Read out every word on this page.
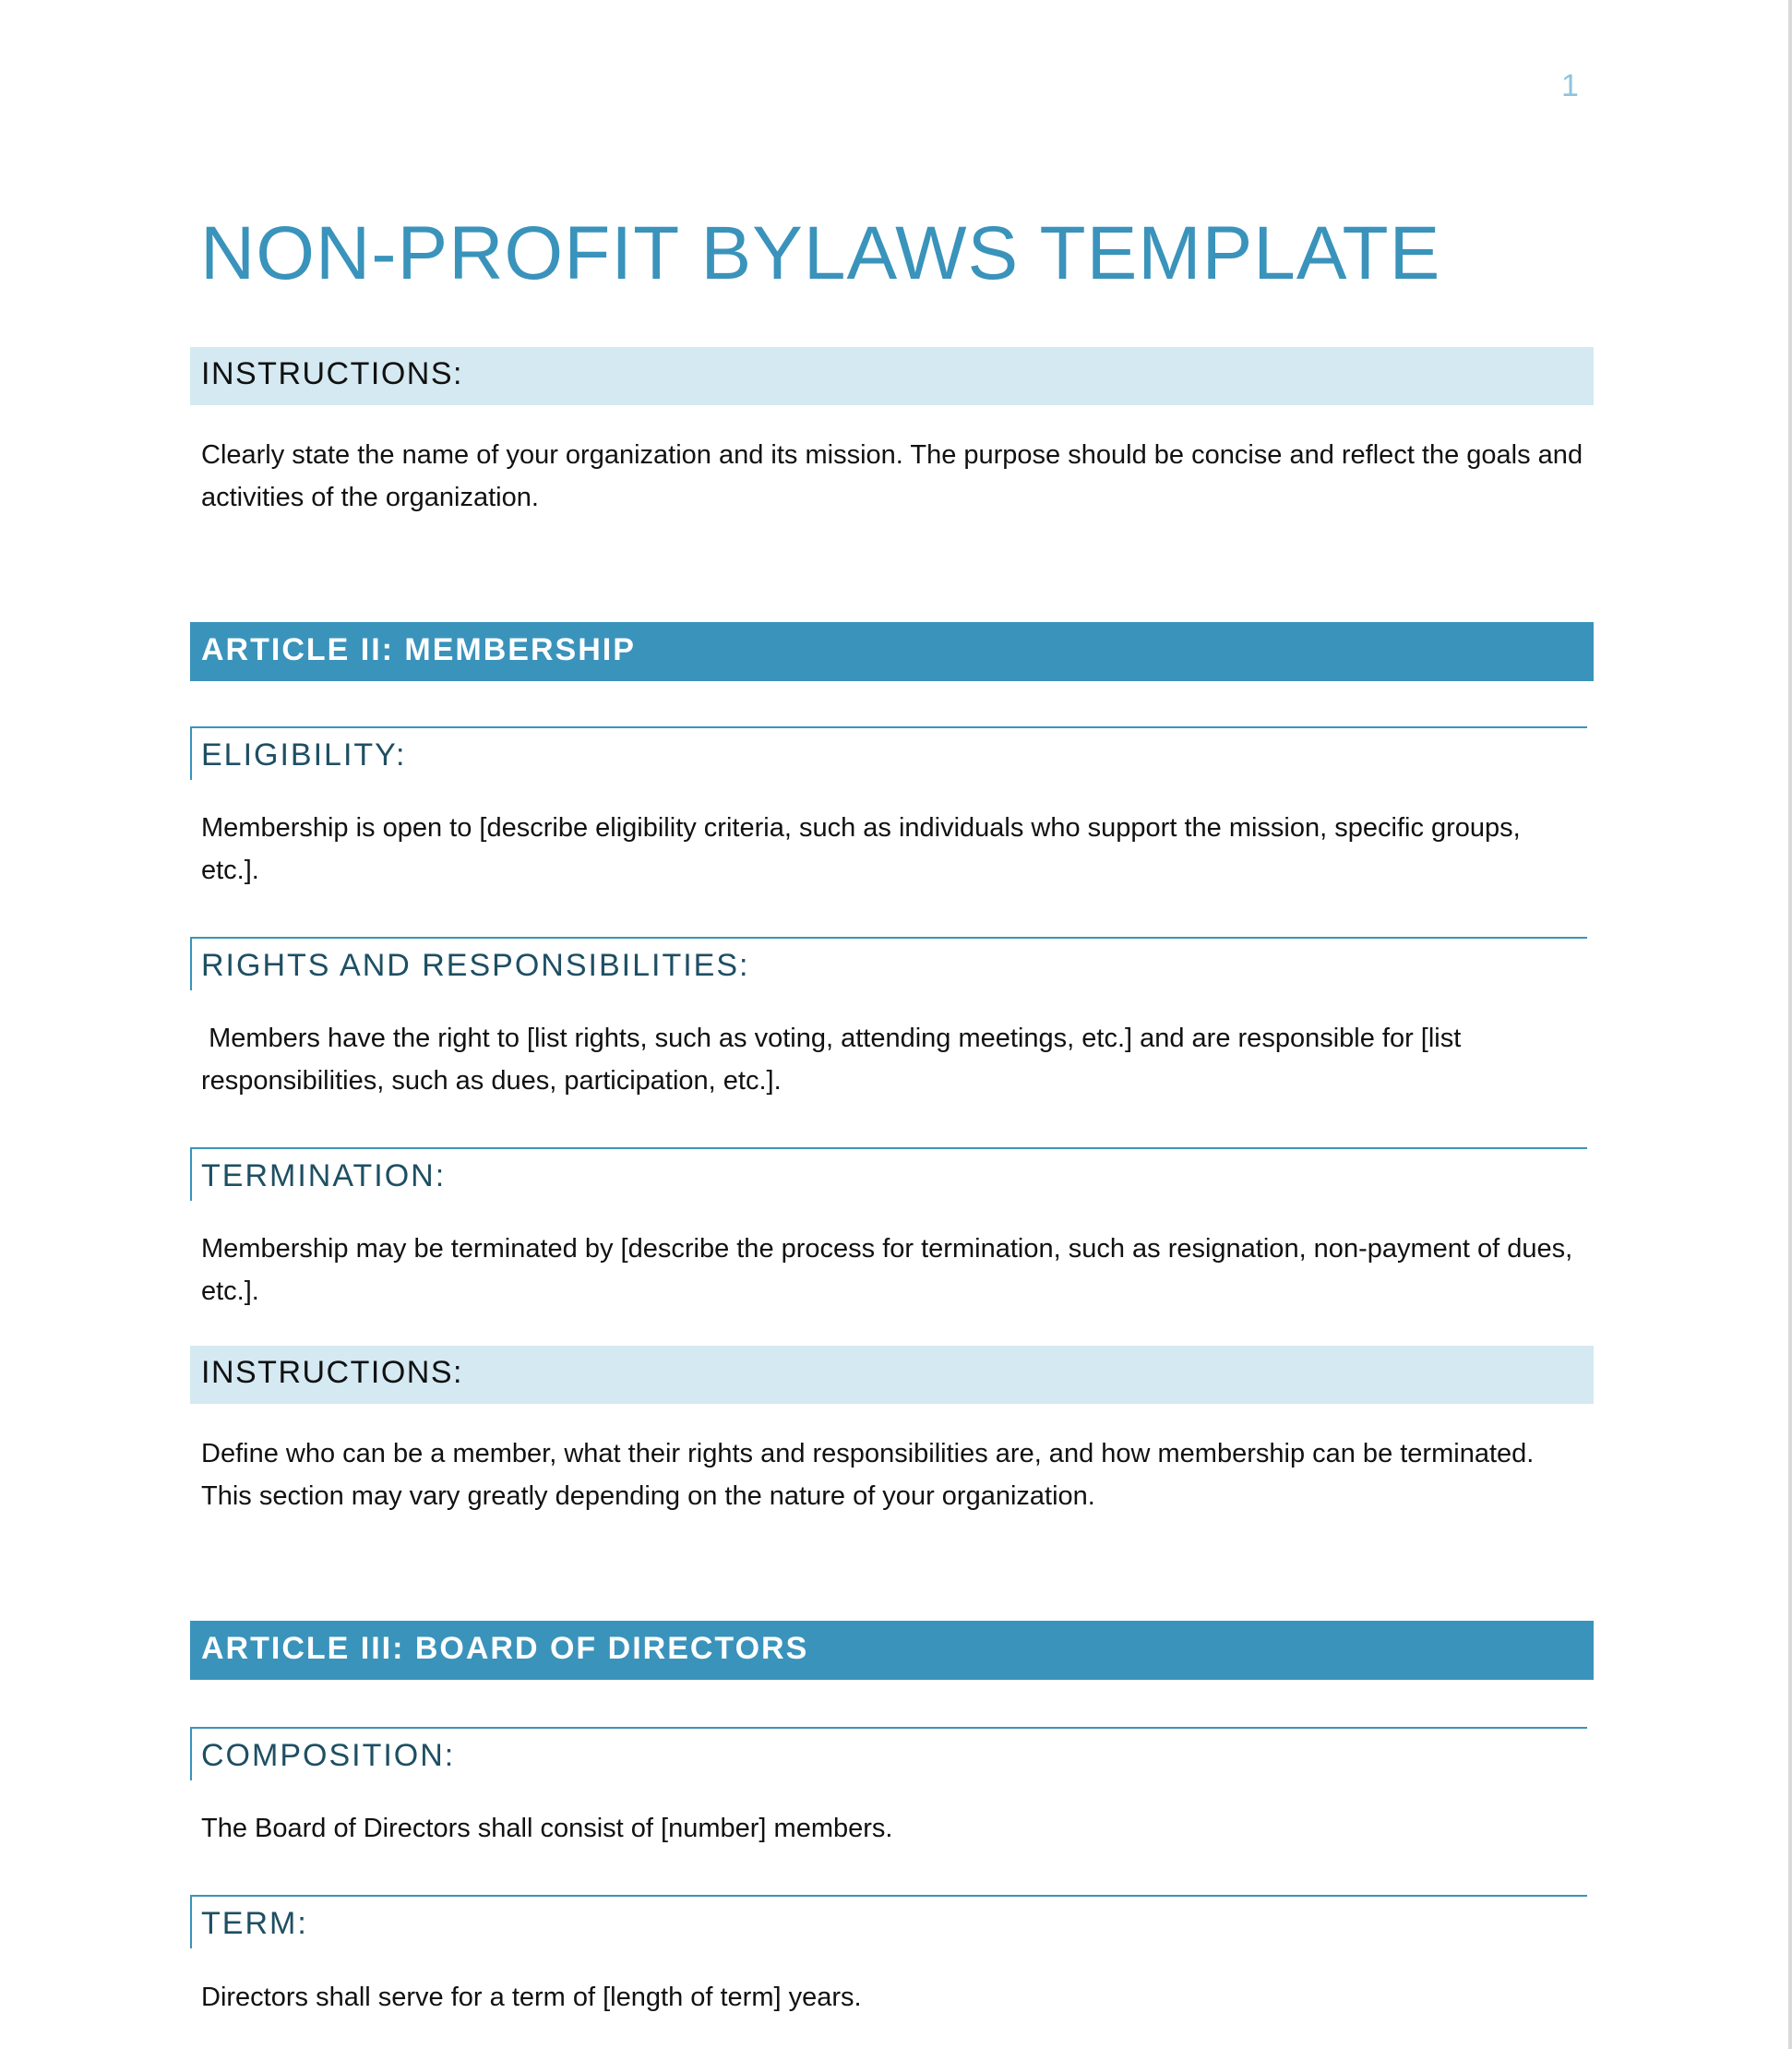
1
NON-PROFIT BYLAWS TEMPLATE
INSTRUCTIONS:

Clearly state the name of your organization and its mission. The purpose should be concise and reflect the goals and activities of the organization.

ARTICLE II: MEMBERSHIP
ELIGIBILITY:

Membership is open to [describe eligibility criteria, such as individuals who support the mission, specific groups, etc.].

RIGHTS AND RESPONSIBILITIES:

Members have the right to [list rights, such as voting, attending meetings, etc.] and are responsible for [list responsibilities, such as dues, participation, etc.].

TERMINATION:

Membership may be terminated by [describe the process for termination, such as resignation, non-payment of dues, etc.].

INSTRUCTIONS:

Define who can be a member, what their rights and responsibilities are, and how membership can be terminated. This section may vary greatly depending on the nature of your organization.

ARTICLE III: BOARD OF DIRECTORS
COMPOSITION:

The Board of Directors shall consist of [number] members.

TERM:

Directors shall serve for a term of [length of term] years.
